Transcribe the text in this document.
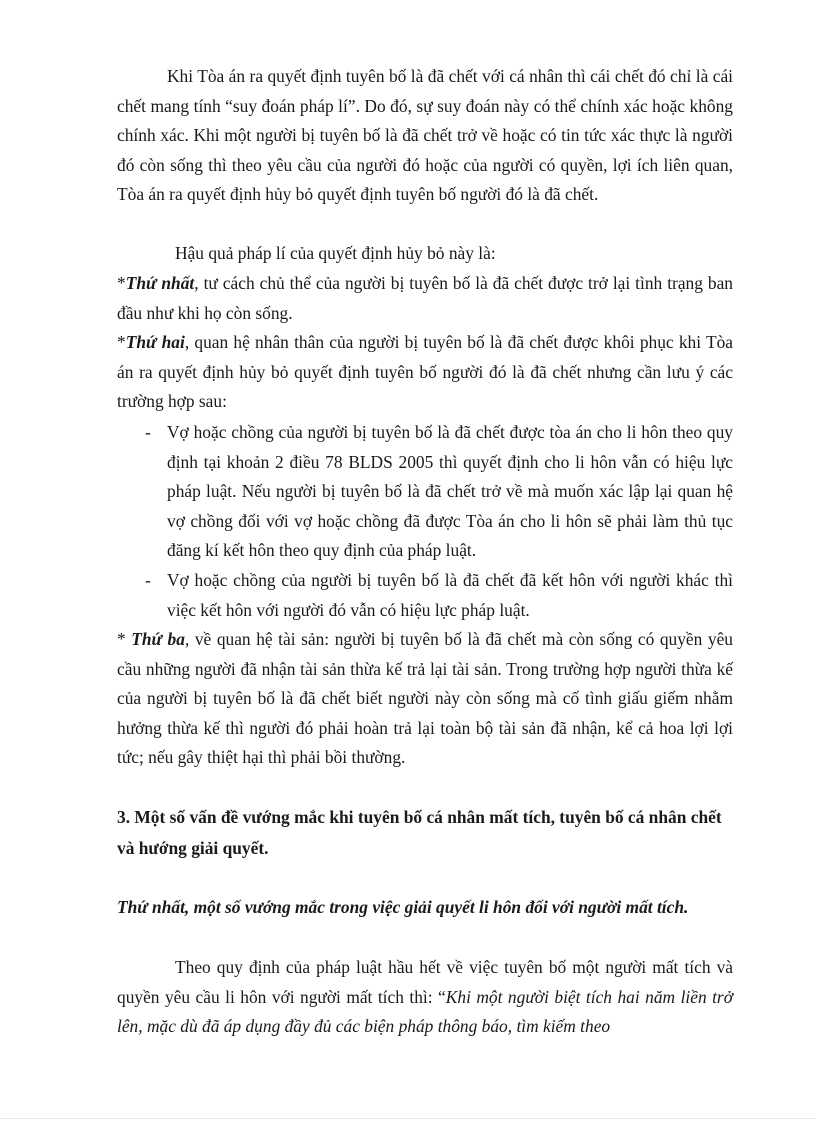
Khi Tòa án ra quyết định tuyên bố là đã chết với cá nhân thì cái chết đó chỉ là cái chết mang tính “suy đoán pháp lí”. Do đó, sự suy đoán này có thể chính xác hoặc không chính xác. Khi một người bị tuyên bố là đã chết trở về hoặc có tin tức xác thực là người đó còn sống thì theo yêu cầu của người đó hoặc của người có quyền, lợi ích liên quan, Tòa án ra quyết định hủy bỏ quyết định tuyên bố người đó là đã chết.

Hậu quả pháp lí của quyết định hủy bỏ này là:

*Thứ nhất, tư cách chủ thể của người bị tuyên bố là đã chết được trở lại tình trạng ban đầu như khi họ còn sống.

*Thứ hai, quan hệ nhân thân của người bị tuyên bố là đã chết được khôi phục khi Tòa án ra quyết định hủy bỏ quyết định tuyên bố người đó là đã chết nhưng cần lưu ý các trường hợp sau:

- Vợ hoặc chồng của người bị tuyên bố là đã chết được tòa án cho li hôn theo quy định tại khoản 2 điều 78 BLDS 2005 thì quyết định cho li hôn vẫn có hiệu lực pháp luật. Nếu người bị tuyên bố là đã chết trở về mà muốn xác lập lại quan hệ vợ chồng đối với vợ hoặc chồng đã được Tòa án cho li hôn sẽ phải làm thủ tục đăng kí kết hôn theo quy định của pháp luật.
- Vợ hoặc chồng của người bị tuyên bố là đã chết đã kết hôn với người khác thì việc kết hôn với người đó vẫn có hiệu lực pháp luật.

* Thứ ba, về quan hệ tài sản: người bị tuyên bố là đã chết mà còn sống có quyền yêu cầu những người đã nhận tài sản thừa kế trả lại tài sản. Trong trường hợp người thừa kế của người bị tuyên bố là đã chết biết người này còn sống mà cố tình giấu giếm nhằm hưởng thừa kế thì người đó phải hoàn trả lại toàn bộ tài sản đã nhận, kể cả hoa lợi lợi tức; nếu gây thiệt hại thì phải bồi thường.

3. Một số vấn đề vướng mắc khi tuyên bố cá nhân mất tích, tuyên bố cá nhân chết và hướng giải quyết.
Thứ nhất, một số vướng mắc trong việc giải quyết li hôn đối với người mất tích.

Theo quy định của pháp luật hầu hết về việc tuyên bố một người mất tích và quyền yêu cầu li hôn với người mất tích thì: “Khi một người biệt tích hai năm liền trở lên, mặc dù đã áp dụng đầy đủ các biện pháp thông báo, tìm kiếm theo
